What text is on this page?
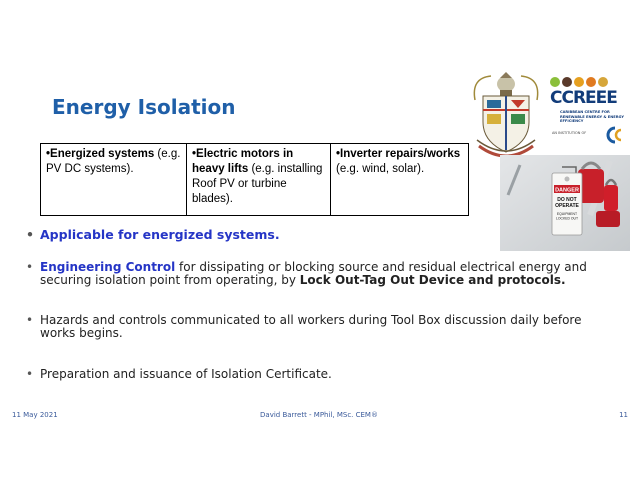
Energy Isolation
•Energized systems (e.g. PV DC systems).	•Electric motors in heavy lifts (e.g. installing Roof PV or turbine blades).	•Inverter repairs/works (e.g. wind, solar).
• Applicable for energized systems.
• Engineering Control for dissipating or blocking source and residual electrical energy and securing isolation point from operating, by Lock Out-Tag Out Device and protocols.
• Hazards and controls communicated to all workers during Tool Box discussion daily before works begins.
• Preparation and issuance of Isolation Certificate.
CCREEE
CARIBBEAN CENTRE FOR RENEWABLE ENERGY & ENERGY EFFICIENCY
AN INSTITUTION OF
DANGER
DO NOT
OPERATE
EQUIPMENT
LOCKED OUT
11 May 2021	David Barrett - MPhil, MSc. CEM®	11
